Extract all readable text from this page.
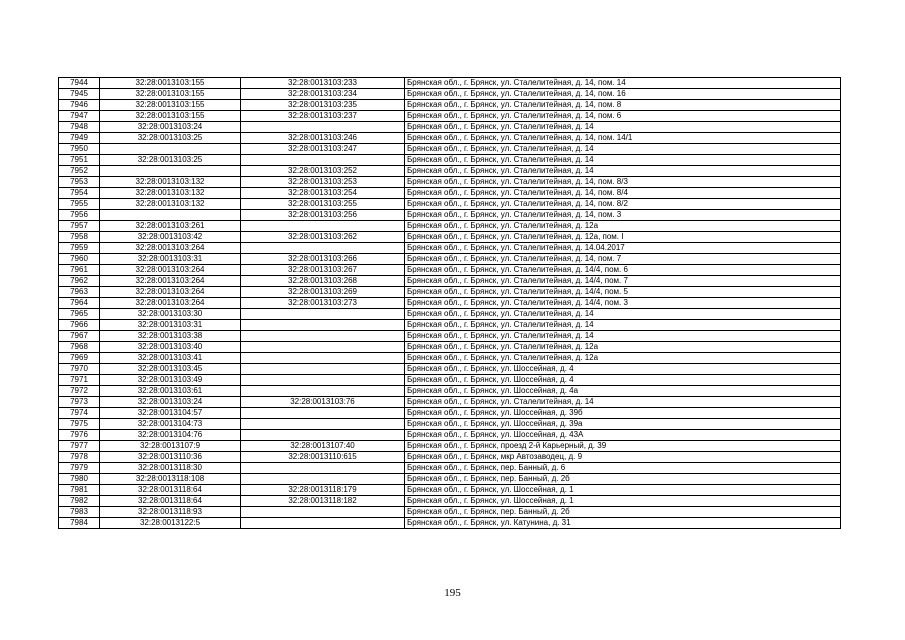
7944	32:28:0013103:155	32:28:0013103:233	Брянская обл., г. Брянск, ул. Сталелитейная, д. 14, пом. 14
7945	32:28:0013103:155	32:28:0013103:234	Брянская обл., г. Брянск, ул. Сталелитейная, д. 14, пом. 16
7946	32:28:0013103:155	32:28:0013103:235	Брянская обл., г. Брянск, ул. Сталелитейная, д. 14, пом. 8
7947	32:28:0013103:155	32:28:0013103:237	Брянская обл., г. Брянск, ул. Сталелитейная, д. 14, пом. 6
7948	32:28:0013103:24		Брянская обл., г. Брянск, ул. Сталелитейная, д. 14
7949	32:28:0013103:25	32:28:0013103:246	Брянская обл., г. Брянск, ул. Сталелитейная, д. 14, пом. 14/1
7950		32:28:0013103:247	Брянская обл., г. Брянск, ул. Сталелитейная, д. 14
7951	32:28:0013103:25		Брянская обл., г. Брянск, ул. Сталелитейная, д. 14
7952		32:28:0013103:252	Брянская обл., г. Брянск, ул. Сталелитейная, д. 14
7953	32:28:0013103:132	32:28:0013103:253	Брянская обл., г. Брянск, ул. Сталелитейная, д. 14, пом. 8/3
7954	32:28:0013103:132	32:28:0013103:254	Брянская обл., г. Брянск, ул. Сталелитейная, д. 14, пом. 8/4
7955	32:28:0013103:132	32:28:0013103:255	Брянская обл., г. Брянск, ул. Сталелитейная, д. 14, пом. 8/2
7956		32:28:0013103:256	Брянская обл., г. Брянск, ул. Сталелитейная, д. 14, пом. 3
7957	32:28:0013103:261		Брянская обл., г. Брянск, ул. Сталелитейная, д. 12а
7958	32:28:0013103:42	32:28:0013103:262	Брянская обл., г. Брянск, ул. Сталелитейная, д. 12а, пом. I
7959	32:28:0013103:264		Брянская обл., г. Брянск, ул. Сталелитейная, д. 14.04.2017
7960	32:28:0013103:31	32:28:0013103:266	Брянская обл., г. Брянск, ул. Сталелитейная, д. 14, пом. 7
7961	32:28:0013103:264	32:28:0013103:267	Брянская обл., г. Брянск, ул. Сталелитейная, д. 14/4, пом. 6
7962	32:28:0013103:264	32:28:0013103:268	Брянская обл., г. Брянск, ул. Сталелитейная, д. 14/4, пом. 7
7963	32:28:0013103:264	32:28:0013103:269	Брянская обл., г. Брянск, ул. Сталелитейная, д. 14/4, пом. 5
7964	32:28:0013103:264	32:28:0013103:273	Брянская обл., г. Брянск, ул. Сталелитейная, д. 14/4, пом. 3
7965	32:28:0013103:30		Брянская обл., г. Брянск, ул. Сталелитейная, д. 14
7966	32:28:0013103:31		Брянская обл., г. Брянск, ул. Сталелитейная, д. 14
7967	32:28:0013103:38		Брянская обл., г. Брянск, ул. Сталелитейная, д. 14
7968	32:28:0013103:40		Брянская обл., г. Брянск, ул. Сталелитейная, д. 12а
7969	32:28:0013103:41		Брянская обл., г. Брянск, ул. Сталелитейная, д. 12а
7970	32:28:0013103:45		Брянская обл., г. Брянск, ул. Шоссейная, д. 4
7971	32:28:0013103:49		Брянская обл., г. Брянск, ул. Шоссейная, д. 4
7972	32:28:0013103:61		Брянская обл., г. Брянск, ул. Шоссейная, д. 4а
7973	32:28:0013103:24	32:28:0013103:76	Брянская обл., г. Брянск, ул. Сталелитейная, д. 14
7974	32:28:0013104:57		Брянская обл., г. Брянск, ул. Шоссейная, д. 39б
7975	32:28:0013104:73		Брянская обл., г. Брянск, ул. Шоссейная, д. 39а
7976	32:28:0013104:76		Брянская обл., г. Брянск, ул. Шоссейная, д. 43А
7977	32:28:0013107:9	32:28:0013107:40	Брянская обл., г. Брянск, проезд 2-й Карьерный, д. 39
7978	32:28:0013110:36	32:28:0013110:615	Брянская обл., г. Брянск, мкр Автозаводец, д. 9
7979	32:28:0013118:30		Брянская обл., г. Брянск, пер. Банный, д. 6
7980	32:28:0013118:108		Брянская обл., г. Брянск, пер. Банный, д. 2б
7981	32:28:0013118:64	32:28:0013118:179	Брянская обл., г. Брянск, ул. Шоссейная, д. 1
7982	32:28:0013118:64	32:28:0013118:182	Брянская обл., г. Брянск, ул. Шоссейная, д. 1
7983	32:28:0013118:93		Брянская обл., г. Брянск, пер. Банный, д. 2б
7984	32:28:0013122:5		Брянская обл., г. Брянск, ул. Катунина, д. 31
195
